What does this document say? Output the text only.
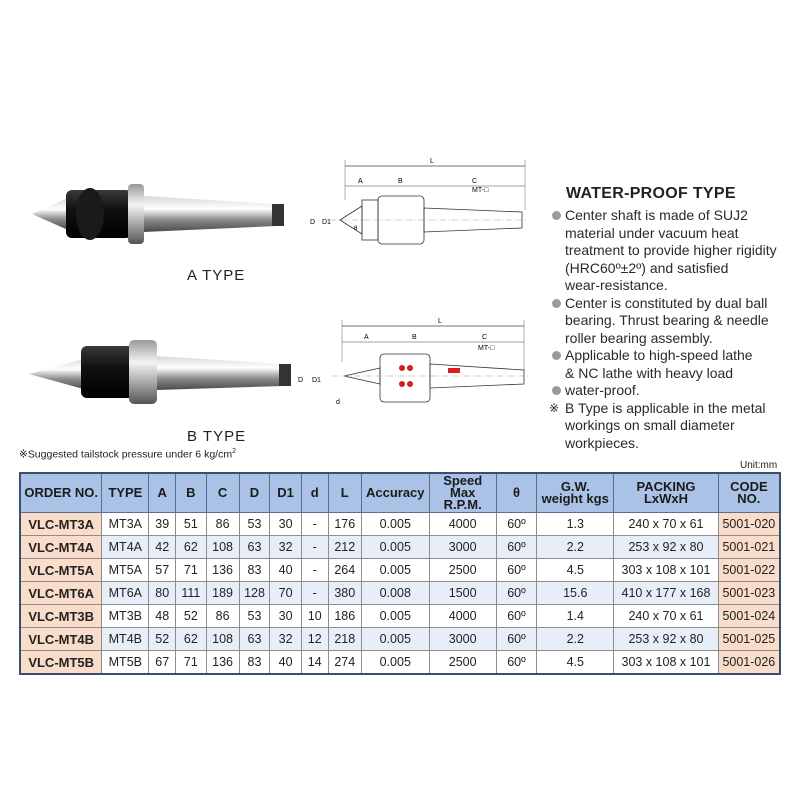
A TYPE
B TYPE
L
A	B	C
MT-□
D D1
θ
L
A	B	C
MT-□
D D1
d
WATER-PROOF TYPE
Center shaft is made of SUJ2
material under vacuum heat
treatment to provide higher rigidity
(HRC60º±2º) and satisfied
wear-resistance.
Center is constituted by dual ball
bearing. Thrust bearing & needle
roller bearing assembly.
Applicable to high-speed lathe
& NC lathe with heavy load
water-proof.
※ B Type is applicable in the metal
workings on small diameter
workpieces.
※Suggested tailstock pressure under 6 $kg/cm^2$
Unit:mm
ORDER NO.	TYPE	A	B	C	D	D1	d	L	Accuracy	Speed Max R.P.M.	θ	G.W. weight kgs	PACKING LxWxH	CODE NO.
VLC-MT3A	MT3A	39	51	86	53	30	-	176	0.005	4000	60º	1.3	240 x 70 x 61	5001-020
VLC-MT4A	MT4A	42	62	108	63	32	-	212	0.005	3000	60º	2.2	253 x 92 x 80	5001-021
VLC-MT5A	MT5A	57	71	136	83	40	-	264	0.005	2500	60º	4.5	303 x 108 x 101	5001-022
VLC-MT6A	MT6A	80	111	189	128	70	-	380	0.008	1500	60º	15.6	410 x 177 x 168	5001-023
VLC-MT3B	MT3B	48	52	86	53	30	10	186	0.005	4000	60º	1.4	240 x 70 x 61	5001-024
VLC-MT4B	MT4B	52	62	108	63	32	12	218	0.005	3000	60º	2.2	253 x 92 x 80	5001-025
VLC-MT5B	MT5B	67	71	136	83	40	14	274	0.005	2500	60º	4.5	303 x 108 x 101	5001-026
